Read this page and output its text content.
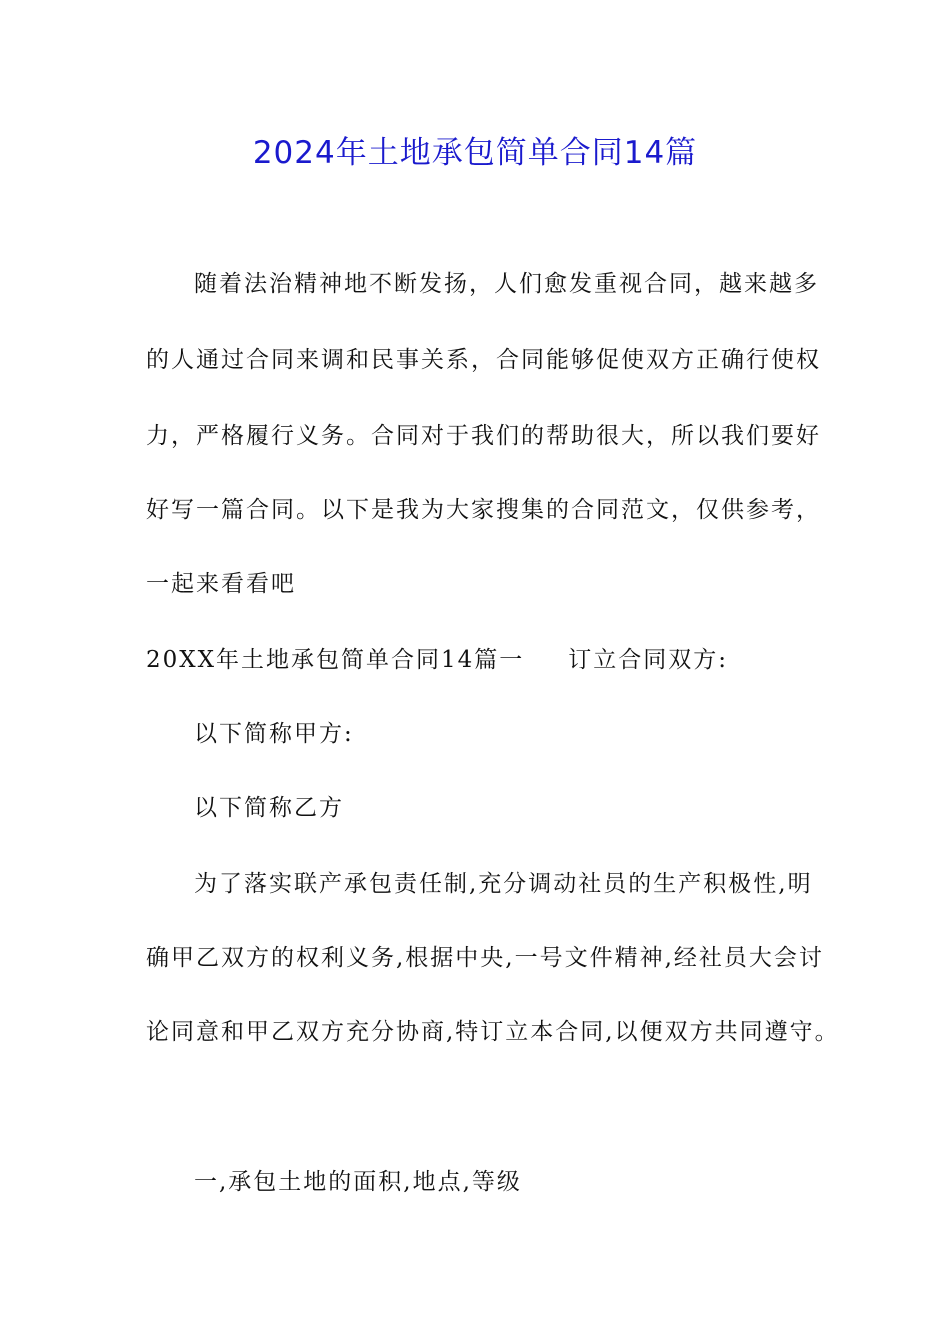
2024年土地承包简单合同14篇
随着法治精神地不断发扬，人们愈发重视合同，越来越多
的人通过合同来调和民事关系，合同能够促使双方正确行使权
力，严格履行义务。合同对于我们的帮助很大，所以我们要好
好写一篇合同。以下是我为大家搜集的合同范文，仅供参考，
一起来看看吧
20XX年土地承包简单合同14篇一 订立合同双方:
以下简称甲方:
以下简称乙方
为了落实联产承包责任制,充分调动社员的生产积极性,明
确甲乙双方的权利义务,根据中央,一号文件精神,经社员大会讨
论同意和甲乙双方充分协商,特订立本合同,以便双方共同遵守。
一,承包土地的面积,地点,等级
